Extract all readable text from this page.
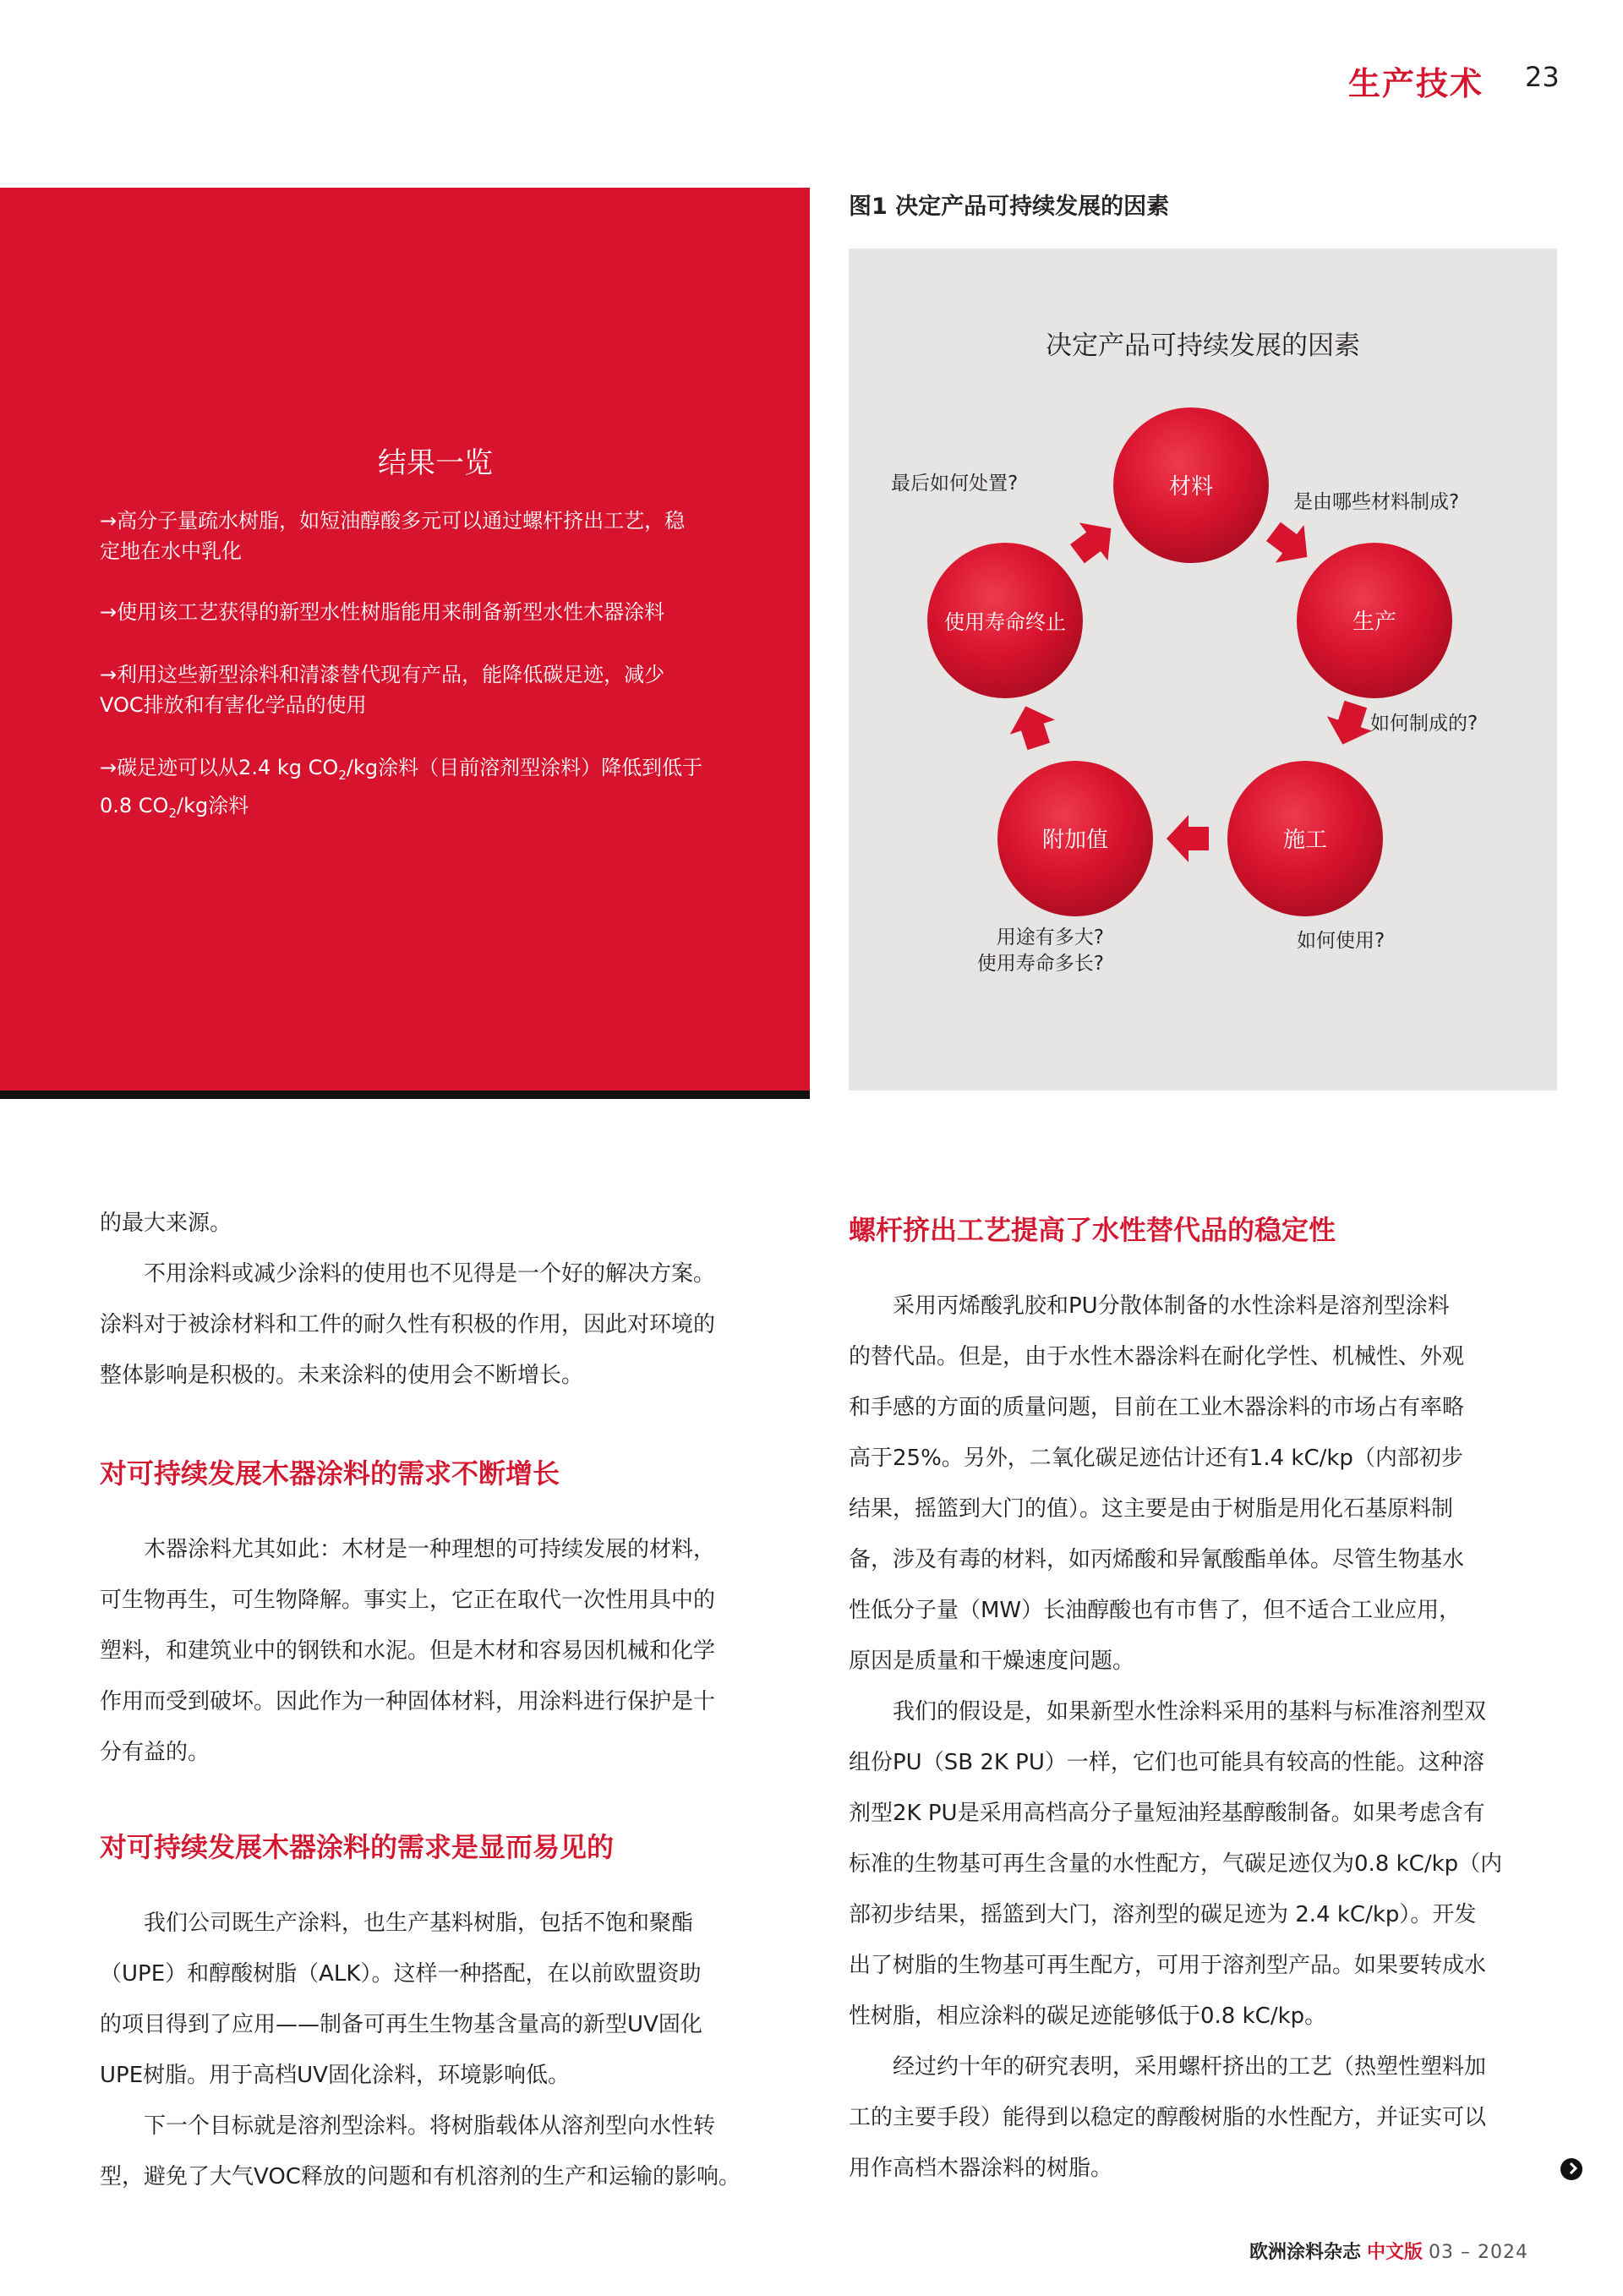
生产技术 23
结果一览
→高分子量疏水树脂，如短油醇酸多元可以通过螺杆挤出工艺，稳
定地在水中乳化
→使用该工艺获得的新型水性树脂能用来制备新型水性木器涂料
→利用这些新型涂料和清漆替代现有产品，能降低碳足迹，减少
VOC排放和有害化学品的使用
→碳足迹可以从2.4 kg $CO_2/kg$涂料（目前溶剂型涂料）降低到低于
0.8 $CO_2/kg$涂料
图1 决定产品可持续发展的因素
决定产品可持续发展的因素
材料
生产
施工
附加值
使用寿命终止
最后如何处置?
是由哪些材料制成?
如何制成的?
如何使用?
用途有多大?
使用寿命多长?
的最大来源。
　　不用涂料或减少涂料的使用也不见得是一个好的解决方案。
涂料对于被涂材料和工件的耐久性有积极的作用，因此对环境的
整体影响是积极的。未来涂料的使用会不断增长。
对可持续发展木器涂料的需求不断增长
　　木器涂料尤其如此：木材是一种理想的可持续发展的材料，
可生物再生，可生物降解。事实上，它正在取代一次性用具中的
塑料，和建筑业中的钢铁和水泥。但是木材和容易因机械和化学
作用而受到破坏。因此作为一种固体材料，用涂料进行保护是十
分有益的。
对可持续发展木器涂料的需求是显而易见的
　　我们公司既生产涂料，也生产基料树脂，包括不饱和聚酯
（UPE）和醇酸树脂（ALK）。这样一种搭配，在以前欧盟资助
的项目得到了应用——制备可再生生物基含量高的新型UV固化
UPE树脂。用于高档UV固化涂料，环境影响低。
　　下一个目标就是溶剂型涂料。将树脂载体从溶剂型向水性转
型，避免了大气VOC释放的问题和有机溶剂的生产和运输的影响。
螺杆挤出工艺提高了水性替代品的稳定性
　　采用丙烯酸乳胶和PU分散体制备的水性涂料是溶剂型涂料
的替代品。但是，由于水性木器涂料在耐化学性、机械性、外观
和手感的方面的质量问题，目前在工业木器涂料的市场占有率略
高于25%。另外，二氧化碳足迹估计还有1.4 kC/kp（内部初步
结果，摇篮到大门的值）。这主要是由于树脂是用化石基原料制
备，涉及有毒的材料，如丙烯酸和异氰酸酯单体。尽管生物基水
性低分子量（MW）长油醇酸也有市售了，但不适合工业应用，
原因是质量和干燥速度问题。
　　我们的假设是，如果新型水性涂料采用的基料与标准溶剂型双
组份PU（SB 2K PU）一样，它们也可能具有较高的性能。这种溶
剂型2K PU是采用高档高分子量短油羟基醇酸制备。如果考虑含有
标准的生物基可再生含量的水性配方，气碳足迹仅为0.8 kC/kp（内
部初步结果，摇篮到大门，溶剂型的碳足迹为 2.4 kC/kp）。开发
出了树脂的生物基可再生配方，可用于溶剂型产品。如果要转成水
性树脂，相应涂料的碳足迹能够低于0.8 kC/kp。
　　经过约十年的研究表明，采用螺杆挤出的工艺（热塑性塑料加
工的主要手段）能得到以稳定的醇酸树脂的水性配方，并证实可以
用作高档木器涂料的树脂。
欧洲涂料杂志 中文版 03 – 2024
